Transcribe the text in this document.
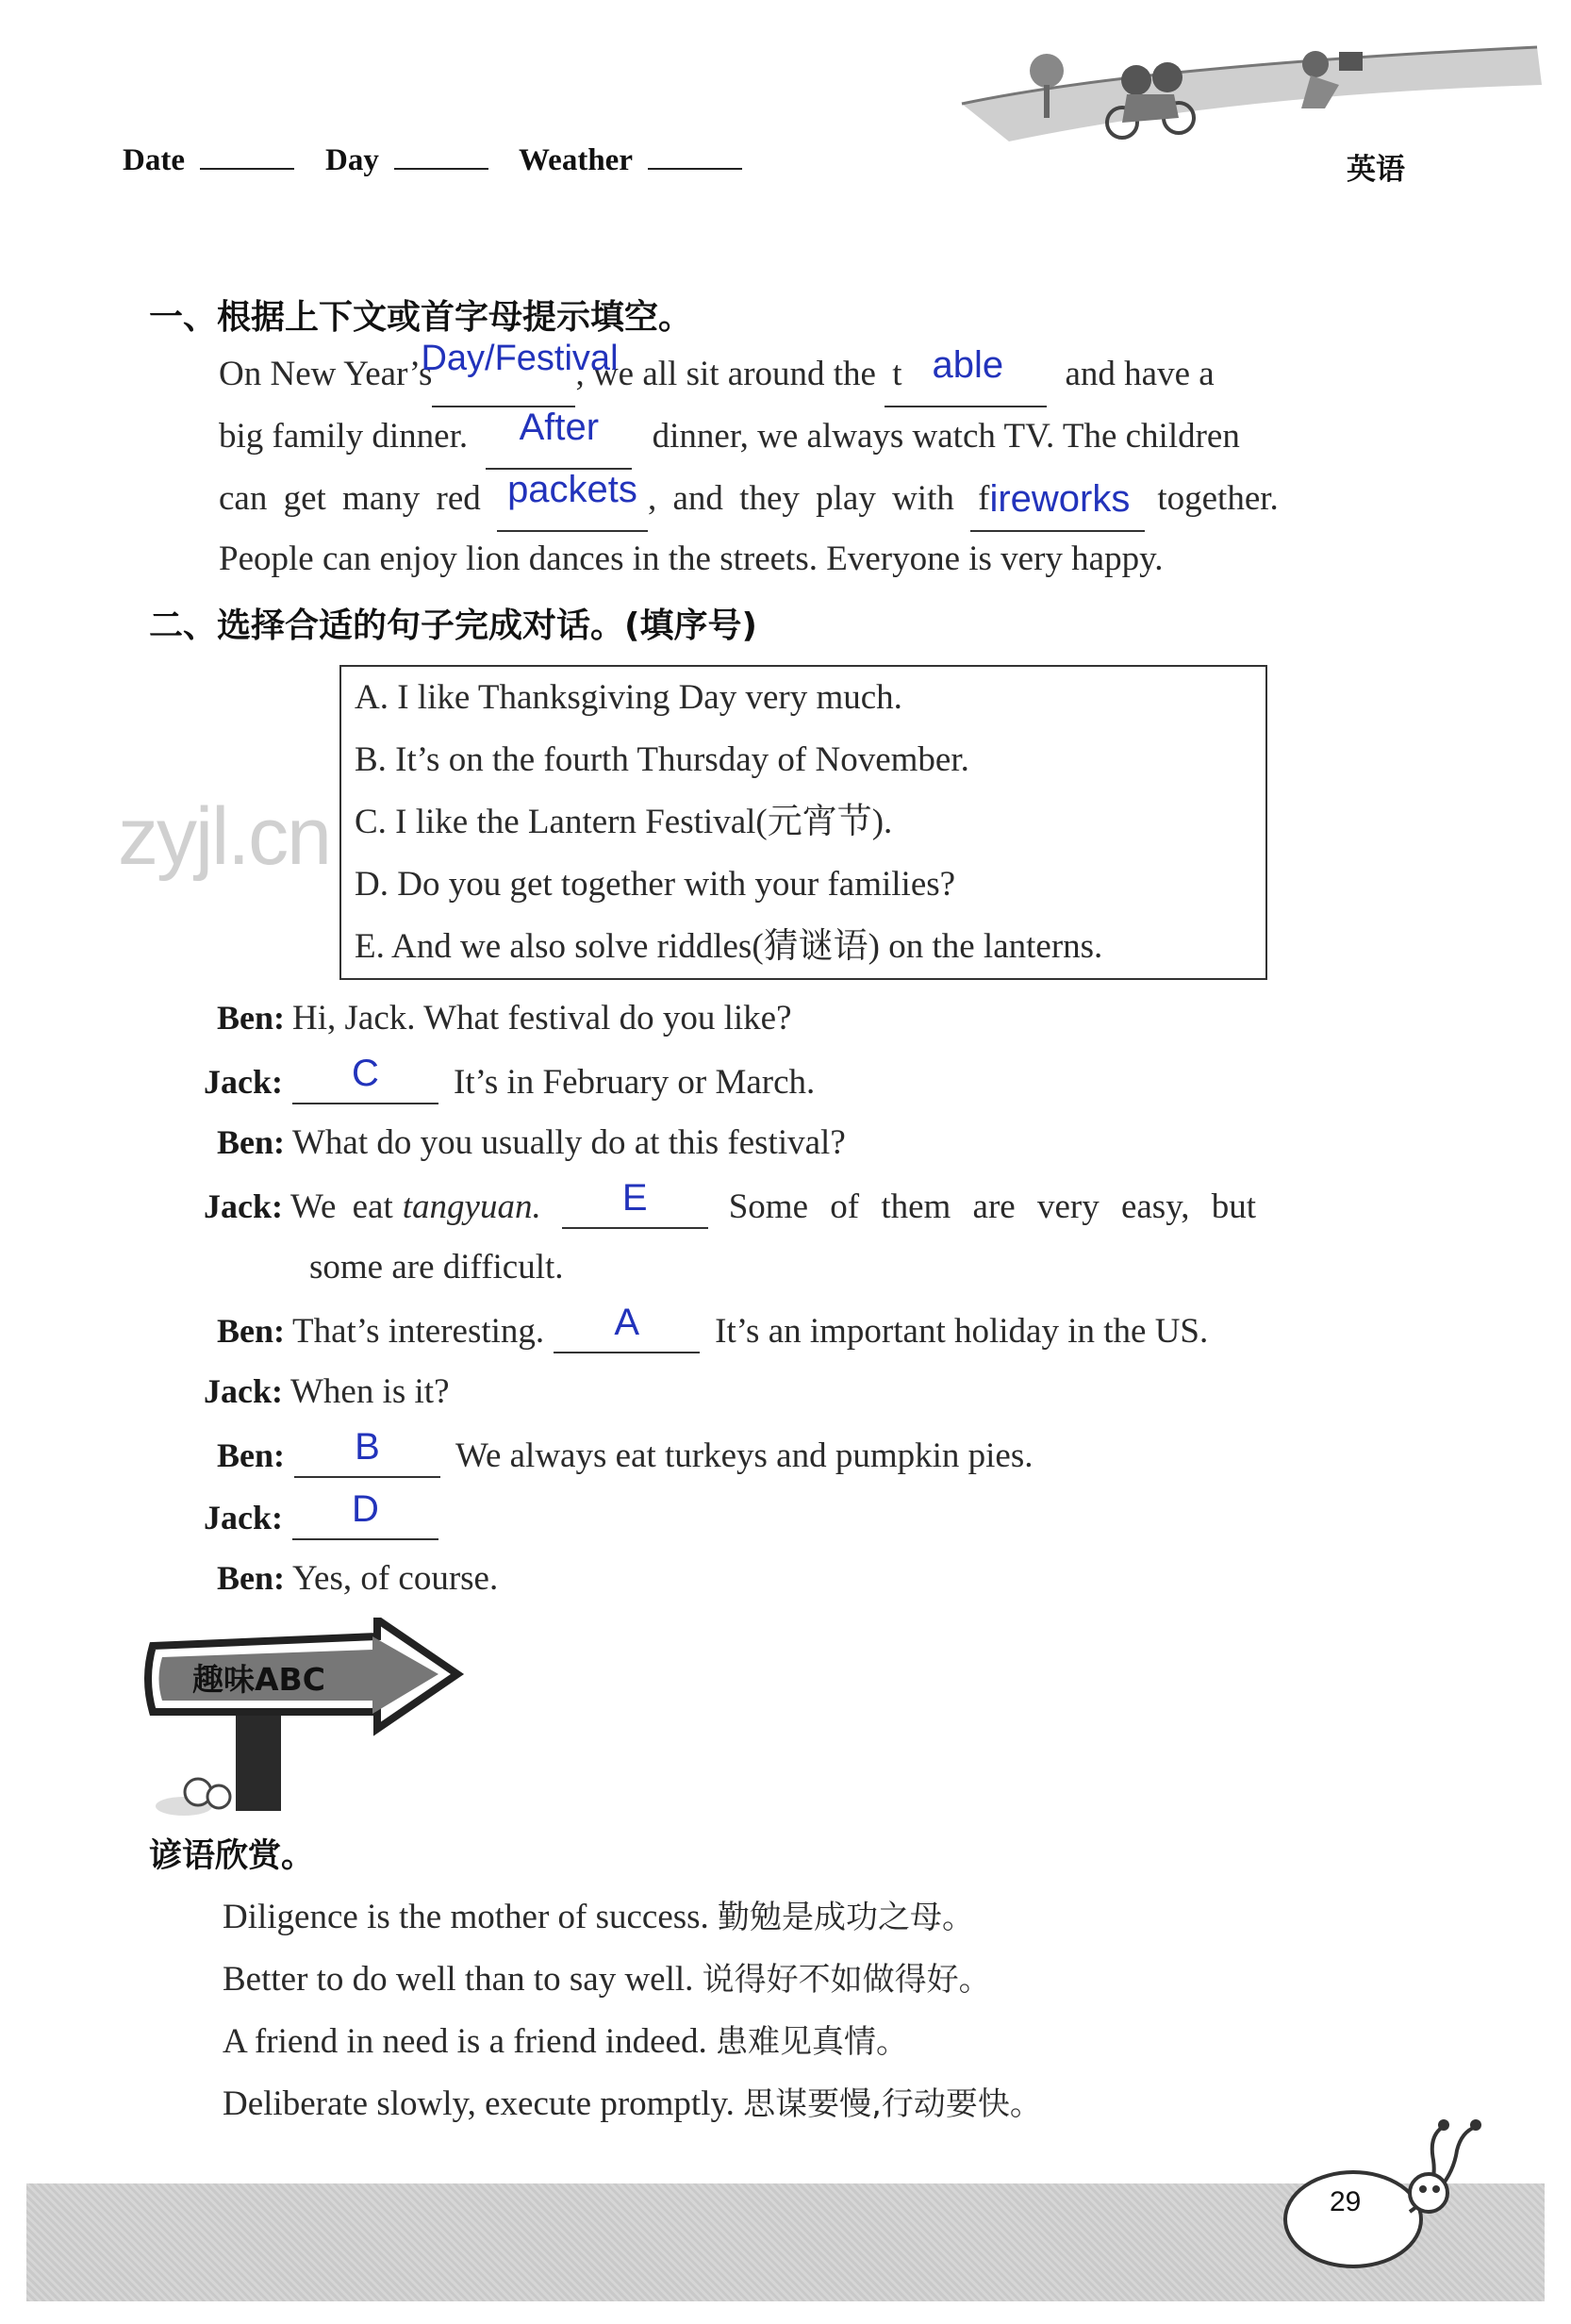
Date	Day	Weather	英语
一、根据上下文或首字母提示填空。
On New Year’sDay/Festival, we all sit around the t able and have a
big family dinner. After dinner, we always watch TV. The children
can get many red packets , and they play with fireworks together.
People can enjoy lion dances in the streets. Everyone is very happy.
二、选择合适的句子完成对话。(填序号)
A. I like Thanksgiving Day very much.
B. It’s on the fourth Thursday of November.
C. I like the Lantern Festival(元宵节).
D. Do you get together with your families?
E. And we also solve riddles(猜谜语) on the lanterns.
zyjl.cn
Ben: Hi, Jack. What festival do you like?
Jack: C It’s in February or March.
Ben: What do you usually do at this festival?
Jack: We eat tangyuan. E Some of them are very easy, but
some are difficult.
Ben: That’s interesting. A It’s an important holiday in the US.
Jack: When is it?
Ben: B We always eat turkeys and pumpkin pies.
Jack: D
Ben: Yes, of course.
趣味ABC
谚语欣赏。
Diligence is the mother of success. 勤勉是成功之母。
Better to do well than to say well. 说得好不如做得好。
A friend in need is a friend indeed. 患难见真情。
Deliberate slowly, execute promptly. 思谋要慢,行动要快。
29
